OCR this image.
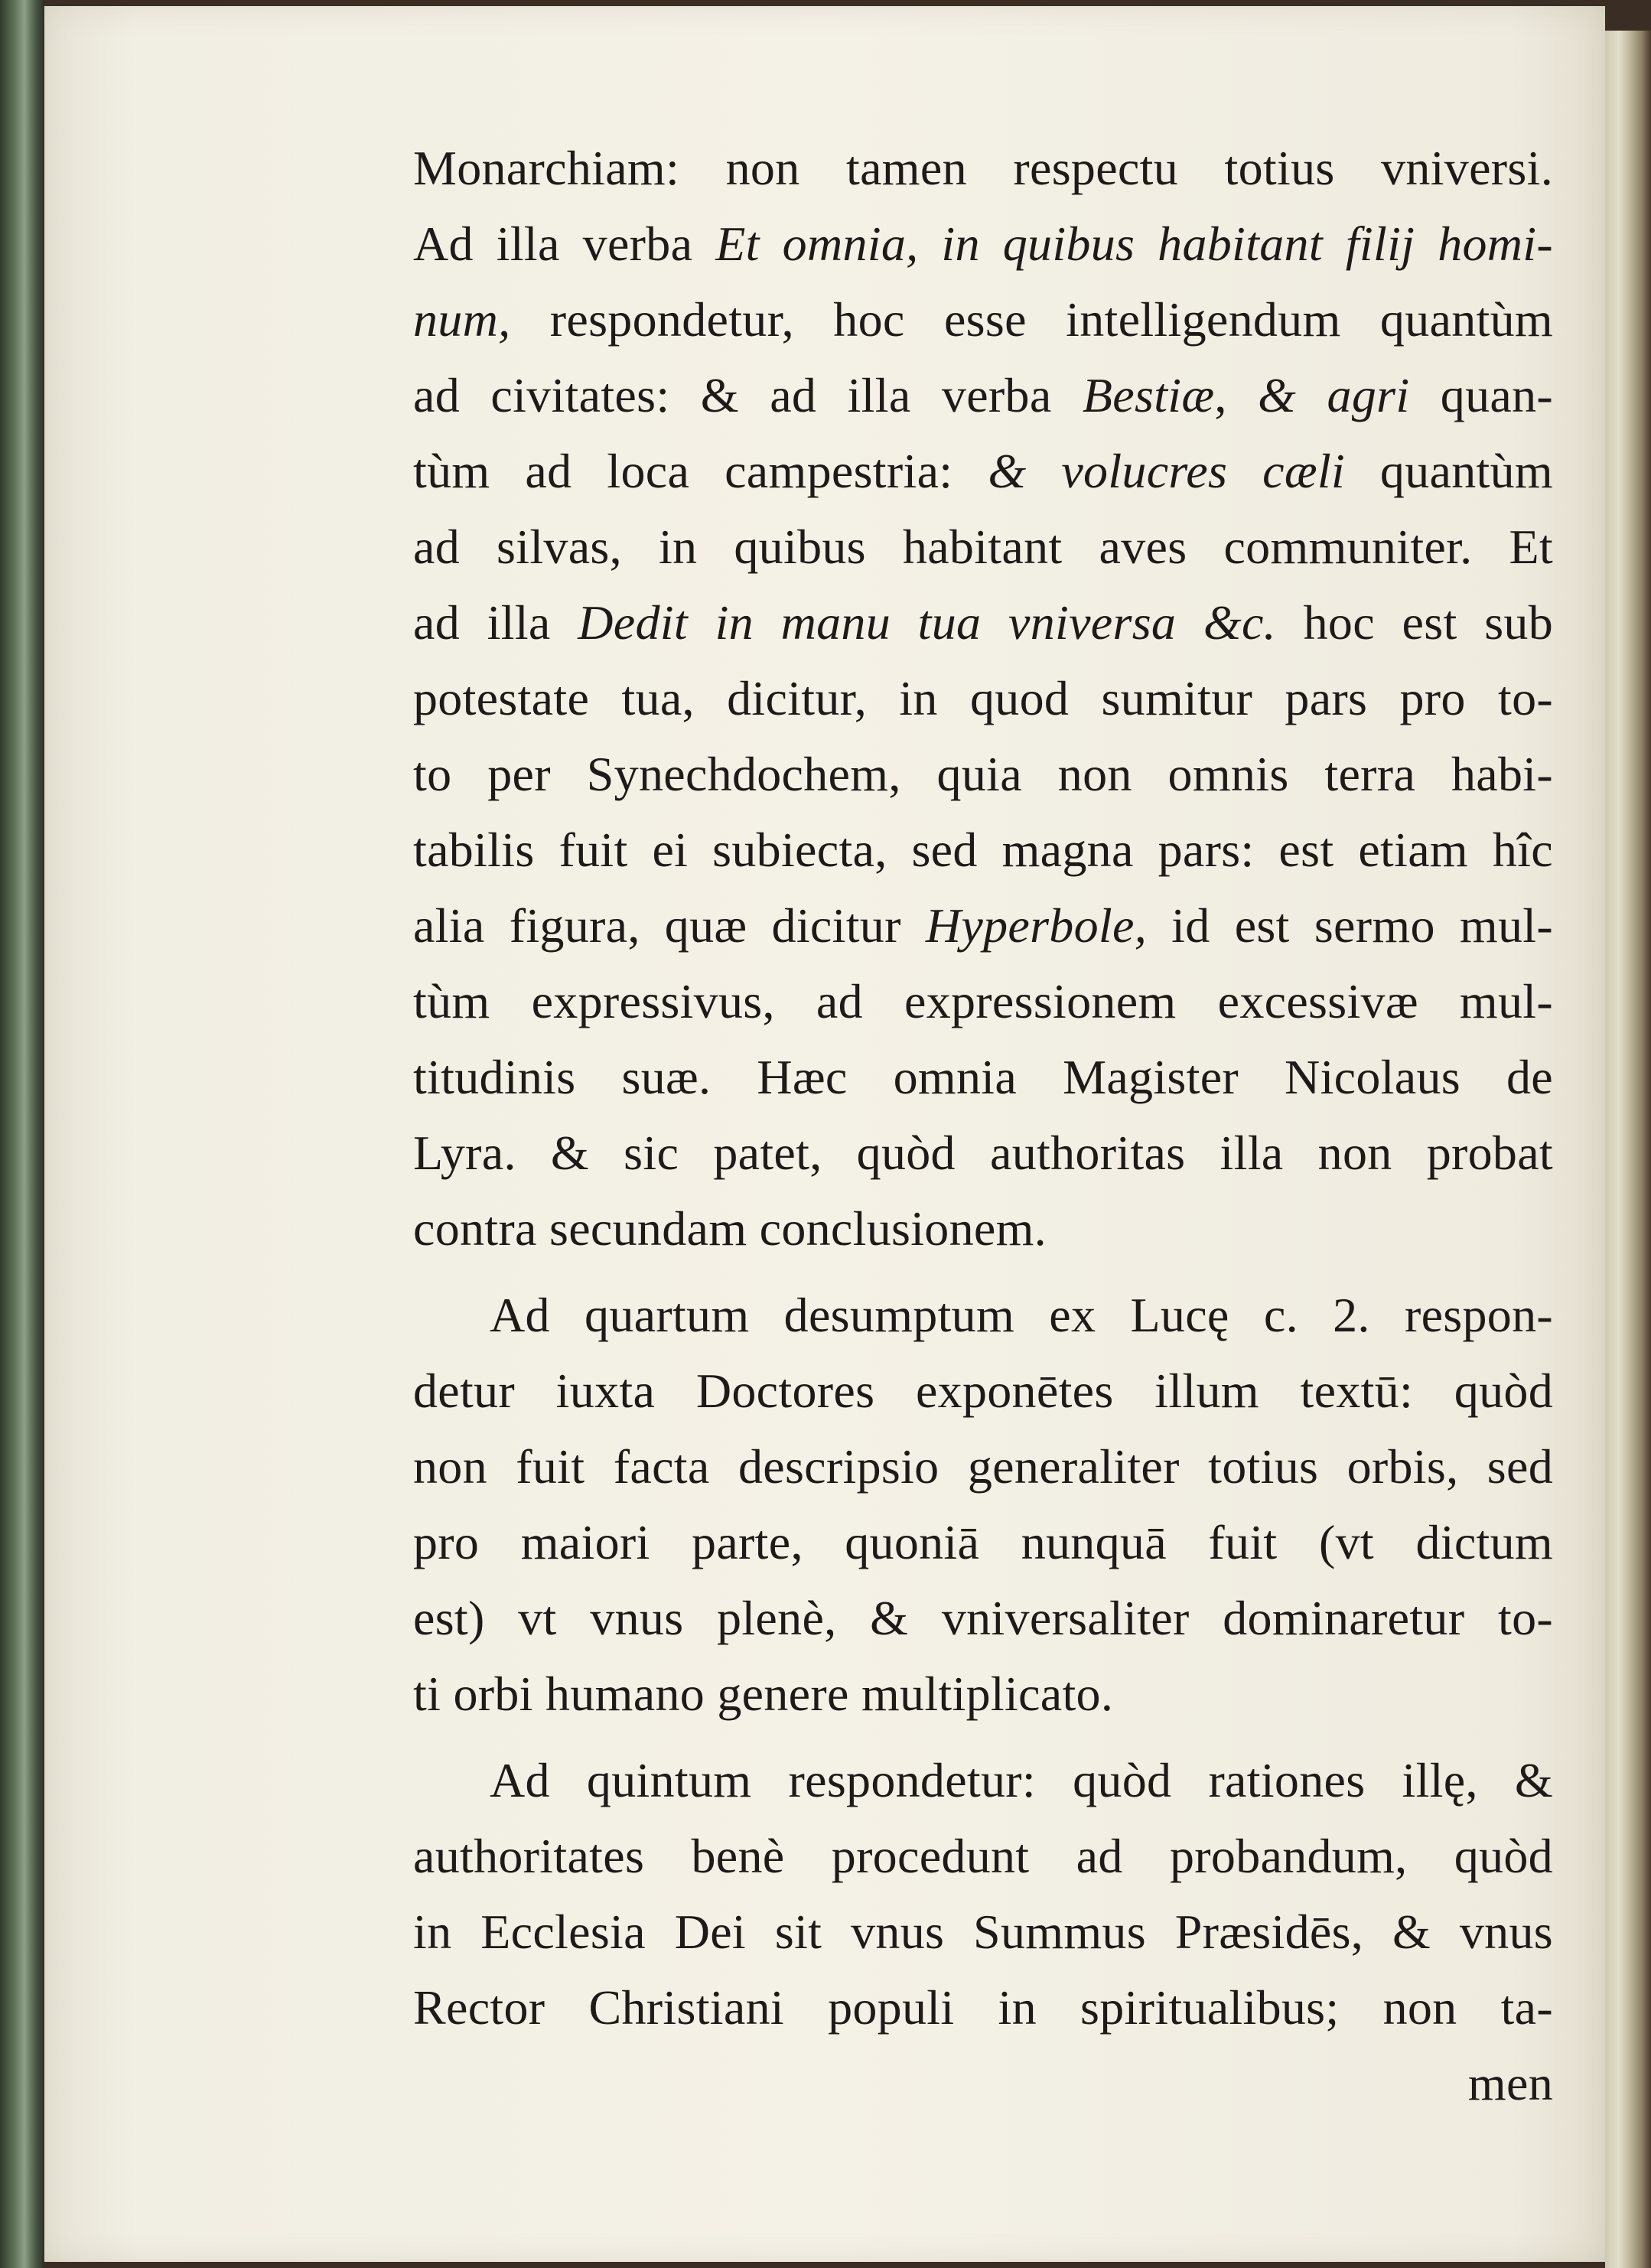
Monarchiam: non tamen respectu totius vniversi.
Ad illa verba Et omnia, in quibus habitant filij homi-
num, respondetur, hoc esse intelligendum quantùm
ad civitates: & ad illa verba Bestiæ, & agri quan-
tùm ad loca campestria: & volucres cæli quantùm
ad silvas, in quibus habitant aves communiter. Et
ad illa Dedit in manu tua vniversa &c. hoc est sub
potestate tua, dicitur, in quod sumitur pars pro to-
to per Synechdochem, quia non omnis terra habi-
tabilis fuit ei subiecta, sed magna pars: est etiam hîc
alia figura, quæ dicitur Hyperbole, id est sermo mul-
tùm expressivus, ad expressionem excessivæ mul-
titudinis suæ. Hæc omnia Magister Nicolaus de
Lyra. & sic patet, quòd authoritas illa non probat
contra secundam conclusionem.
Ad quartum desumptum ex Lucę c. 2. respon-
detur iuxta Doctores exponētes illum textū: quòd
non fuit facta descripsio generaliter totius orbis, sed
pro maiori parte, quoniā nunquā fuit (vt dictum
est) vt vnus plenè, & vniversaliter dominaretur to-
ti orbi humano genere multiplicato.
Ad quintum respondetur: quòd rationes illę, &
authoritates benè procedunt ad probandum, quòd
in Ecclesia Dei sit vnus Summus Præsidēs, & vnus
Rector Christiani populi in spiritualibus; non ta-
men
